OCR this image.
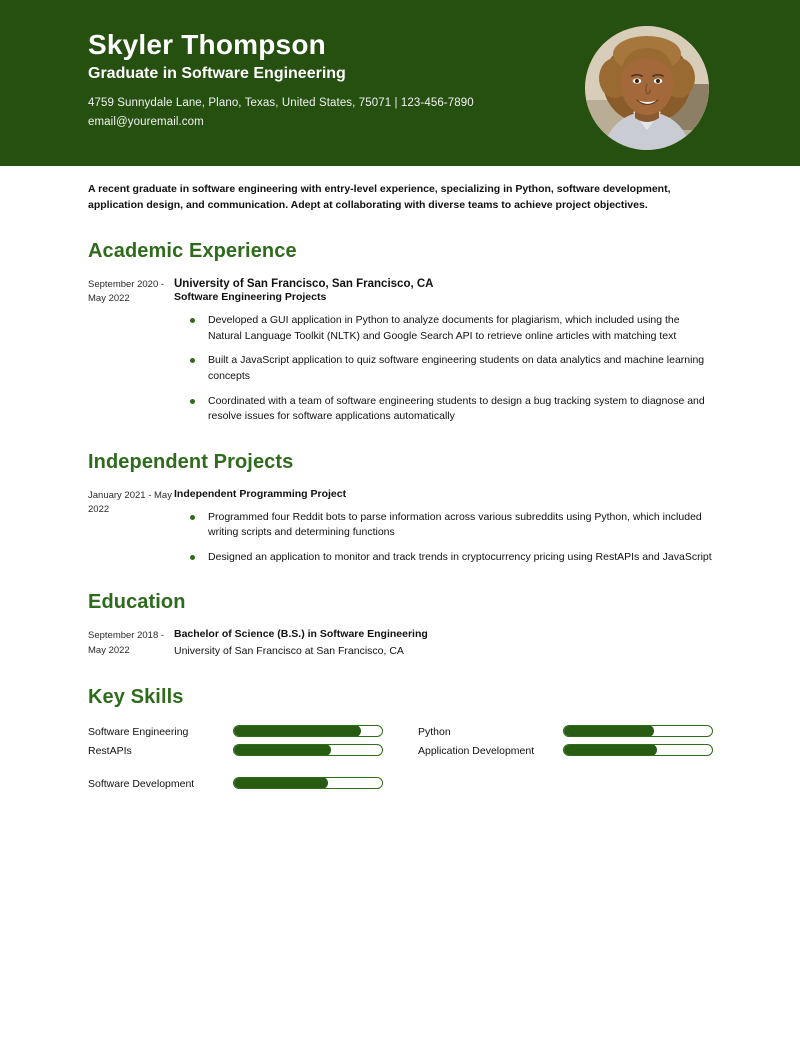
Skyler Thompson
Graduate in Software Engineering
4759 Sunnydale Lane, Plano, Texas, United States, 75071 | 123-456-7890
email@youremail.com

A recent graduate in software engineering with entry-level experience, specializing in Python, software development, application design, and communication. Adept at collaborating with diverse teams to achieve project objectives.

Academic Experience
September 2020 - May 2022
University of San Francisco, San Francisco, CA
Software Engineering Projects
Developed a GUI application in Python to analyze documents for plagiarism, which included using the Natural Language Toolkit (NLTK) and Google Search API to retrieve online articles with matching text
Built a JavaScript application to quiz software engineering students on data analytics and machine learning concepts
Coordinated with a team of software engineering students to design a bug tracking system to diagnose and resolve issues for software applications automatically
Independent Projects
January 2021 - May 2022
Independent Programming Project
Programmed four Reddit bots to parse information across various subreddits using Python, which included writing scripts and determining functions
Designed an application to monitor and track trends in cryptocurrency pricing using RestAPIs and JavaScript
Education
September 2018 - May 2022
Bachelor of Science (B.S.) in Software Engineering
University of San Francisco at San Francisco, CA
Key Skills
Software Engineering
RestAPIs
Software Development
Python
Application Development
